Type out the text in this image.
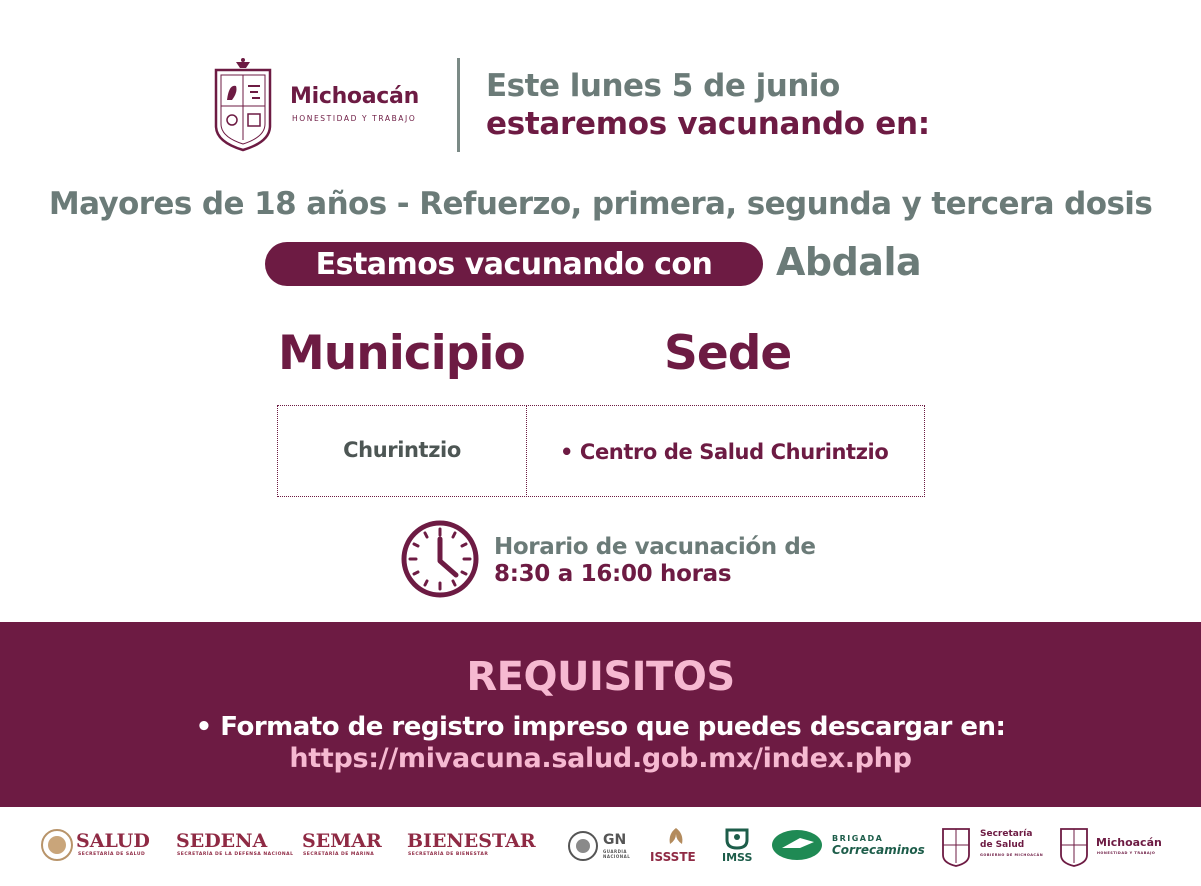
Michoacán
HONESTIDAD Y TRABAJO
Este lunes 5 de junio
estaremos vacunando en:
Mayores de 18 años - Refuerzo, primera, segunda y tercera dosis
Estamos vacunando con	Abdala
Municipio	Sede
Churintzio	• Centro de Salud Churintzio
Horario de vacunación de
8:30 a 16:00 horas
REQUISITOS
• Formato de registro impreso que puedes descargar en:
https://mivacuna.salud.gob.mx/index.php
SALUD
SECRETARÍA DE SALUD
SEDENA
SECRETARÍA DE LA DEFENSA NACIONAL
SEMAR
SECRETARÍA DE MARINA
BIENESTAR
SECRETARÍA DE BIENESTAR
GN
GUARDIA NACIONAL ISSSTE IMSS
BRIGADA
Correcaminos
Secretaría
de Salud
GOBIERNO DE MICHOACÁN
Michoacán
HONESTIDAD Y TRABAJO
